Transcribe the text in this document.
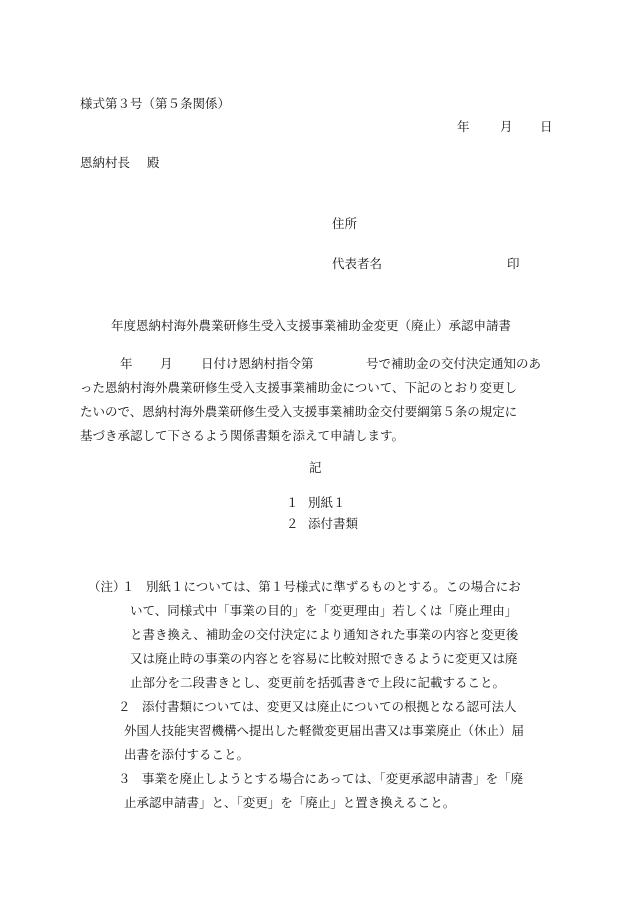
様式第３号（第５条関係）
年 月 日
恩納村長 殿
住所
代表者名	印
年度恩納村海外農業研修生受入支援事業補助金変更（廃止）承認申請書
年 月 日付け恩納村指令第	号で補助金の交付決定通知のあ
った恩納村海外農業研修生受入支援事業補助金について、下記のとおり変更し
たいので、恩納村海外農業研修生受入支援事業補助金交付要綱第５条の規定に
基づき承認して下さるよう関係書類を添えて申請します。
記
１ 別紙１
２ 添付書類
（注）
１ 別紙１については、第１号様式に準ずるものとする。この場合にお
いて、同様式中「事業の目的」を「変更理由」若しくは「廃止理由」
と書き換え、補助金の交付決定により通知された事業の内容と変更後
又は廃止時の事業の内容とを容易に比較対照できるように変更又は廃
止部分を二段書きとし、変更前を括弧書きで上段に記載すること。
２ 添付書類については、変更又は廃止についての根拠となる認可法人
外国人技能実習機構へ提出した軽微変更届出書又は事業廃止（休止）届
出書を添付すること。
３ 事業を廃止しようとする場合にあっては、「変更承認申請書」を「廃
止承認申請書」と、「変更」を「廃止」と置き換えること。
